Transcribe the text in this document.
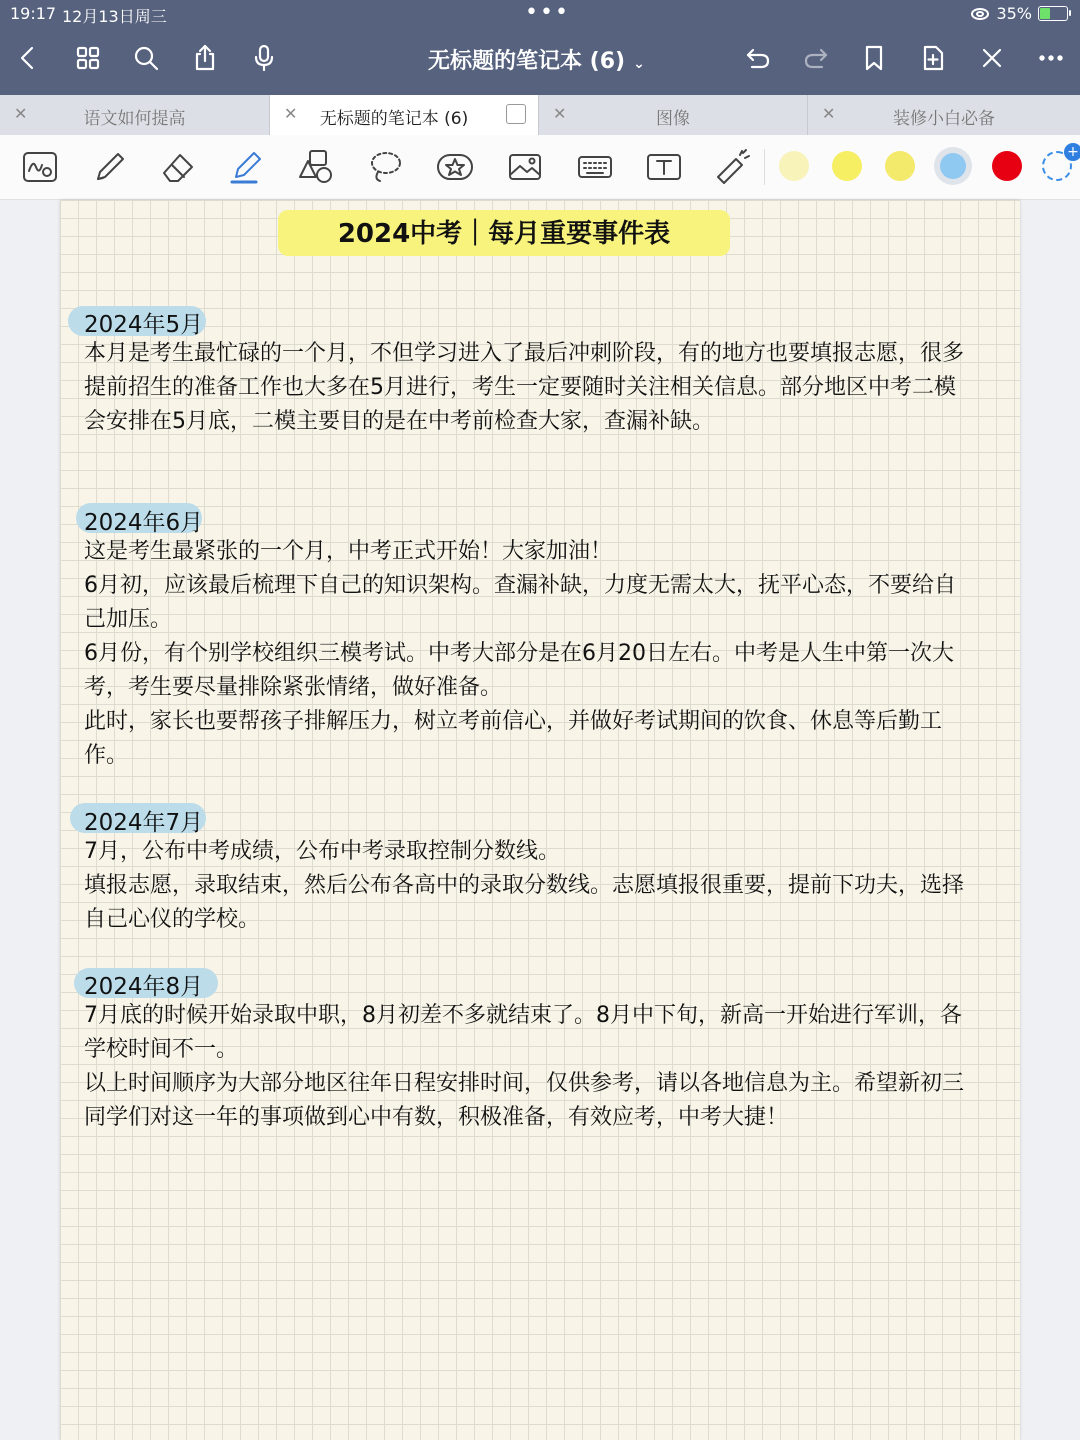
19:17 12月13日周三	•••	35%
无标题的笔记本 (6) ⌄
✕	语文如何提高	✕	无标题的笔记本 (6)	✕	图像	✕	装修小白必备
+
2024中考｜每月重要事件表
2024年5月

本月是考生最忙碌的一个月，不但学习进入了最后冲刺阶段，有的地方也要填报志愿，很多提前招生的准备工作也大多在5月进行，考生一定要随时关注相关信息。部分地区中考二模会安排在5月底，二模主要目的是在中考前检查大家，查漏补缺。

2024年6月

这是考生最紧张的一个月，中考正式开始！大家加油！

6月初，应该最后梳理下自己的知识架构。查漏补缺，力度无需太大，抚平心态，不要给自己加压。

6月份，有个别学校组织三模考试。中考大部分是在6月20日左右。中考是人生中第一次大考，考生要尽量排除紧张情绪，做好准备。

此时，家长也要帮孩子排解压力，树立考前信心，并做好考试期间的饮食、休息等后勤工作。

2024年7月

7月，公布中考成绩，公布中考录取控制分数线。

填报志愿，录取结束，然后公布各高中的录取分数线。志愿填报很重要，提前下功夫，选择自己心仪的学校。

2024年8月

7月底的时候开始录取中职，8月初差不多就结束了。8月中下旬，新高一开始进行军训，各学校时间不一。

以上时间顺序为大部分地区往年日程安排时间，仅供参考，请以各地信息为主。希望新初三同学们对这一年的事项做到心中有数，积极准备，有效应考，中考大捷！
